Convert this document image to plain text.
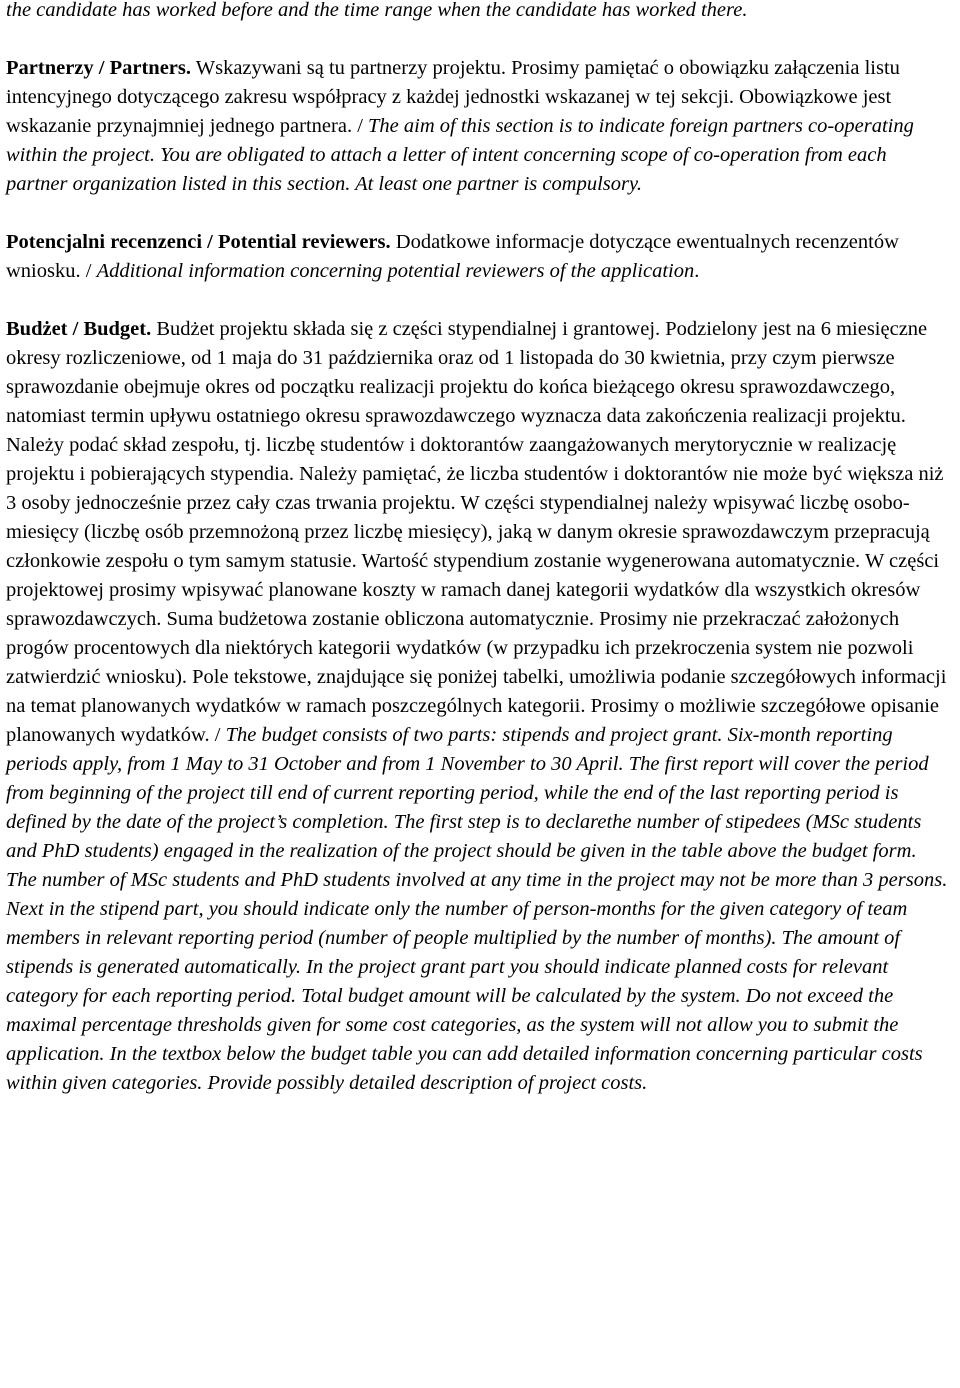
the candidate has worked before and the time range when the candidate has worked there.

Partnerzy / Partners. Wskazywani są tu partnerzy projektu. Prosimy pamiętać o obowiązku załączenia listu intencyjnego dotyczącego zakresu współpracy z każdej jednostki wskazanej w tej sekcji. Obowiązkowe jest wskazanie przynajmniej jednego partnera. / The aim of this section is to indicate foreign partners co-operating within the project. You are obligated to attach a letter of intent concerning scope of co-operation from each partner organization listed in this section. At least one partner is compulsory.

Potencjalni recenzenci / Potential reviewers. Dodatkowe informacje dotyczące ewentualnych recenzentów wniosku. / Additional information concerning potential reviewers of the application.

Budżet / Budget. Budżet projektu składa się z części stypendialnej i grantowej. Podzielony jest na 6 miesięczne okresy rozliczeniowe, od 1 maja do 31 października oraz od 1 listopada do 30 kwietnia, przy czym pierwsze sprawozdanie obejmuje okres od początku realizacji projektu do końca bieżącego okresu sprawozdawczego, natomiast termin upływu ostatniego okresu sprawozdawczego wyznacza data zakończenia realizacji projektu. Należy podać skład zespołu, tj. liczbę studentów i doktorantów zaangażowanych merytorycznie w realizację projektu i pobierających stypendia. Należy pamiętać, że liczba studentów i doktorantów nie może być większa niż 3 osoby jednocześnie przez cały czas trwania projektu. W części stypendialnej należy wpisywać liczbę osobo-miesięcy (liczbę osób przemnożoną przez liczbę miesięcy), jaką w danym okresie sprawozdawczym przepracują członkowie zespołu o tym samym statusie. Wartość stypendium zostanie wygenerowana automatycznie. W części projektowej prosimy wpisywać planowane koszty w ramach danej kategorii wydatków dla wszystkich okresów sprawozdawczych. Suma budżetowa zostanie obliczona automatycznie. Prosimy nie przekraczać założonych progów procentowych dla niektórych kategorii wydatków (w przypadku ich przekroczenia system nie pozwoli zatwierdzić wniosku). Pole tekstowe, znajdujące się poniżej tabelki, umożliwia podanie szczegółowych informacji na temat planowanych wydatków w ramach poszczególnych kategorii. Prosimy o możliwie szczegółowe opisanie planowanych wydatków. / The budget consists of two parts: stipends and project grant. Six-month reporting periods apply, from 1 May to 31 October and from 1 November to 30 April. The first report will cover the period from beginning of the project till end of current reporting period, while the end of the last reporting period is defined by the date of the project’s completion. The first step is to declarethe number of stipedees (MSc students and PhD students) engaged in the realization of the project should be given in the table above the budget form. The number of MSc students and PhD students involved at any time in the project may not be more than 3 persons. Next in the stipend part, you should indicate only the number of person-months for the given category of team members in relevant reporting period (number of people multiplied by the number of months). The amount of stipends is generated automatically. In the project grant part you should indicate planned costs for relevant category for each reporting period. Total budget amount will be calculated by the system. Do not exceed the maximal percentage thresholds given for some cost categories, as the system will not allow you to submit the application. In the textbox below the budget table you can add detailed information concerning particular costs within given categories. Provide possibly detailed description of project costs.
